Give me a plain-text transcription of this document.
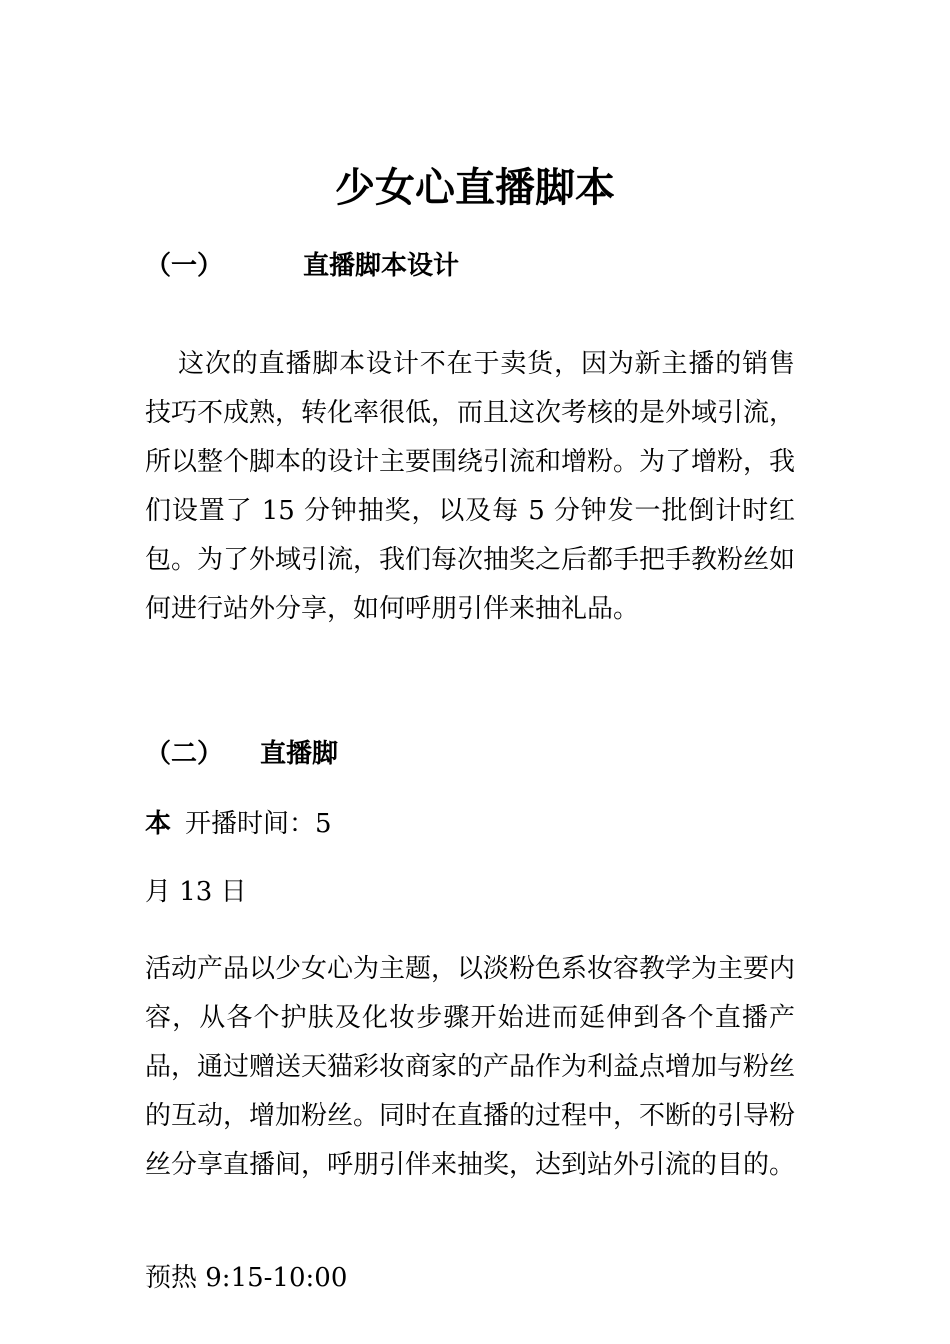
少女心直播脚本
（一）	直播脚本设计

这次的直播脚本设计不在于卖货，因为新主播的销售技巧不成熟，转化率很低，而且这次考核的是外域引流，所以整个脚本的设计主要围绕引流和增粉。为了增粉，我们设置了 15 分钟抽奖，以及每 5 分钟发一批倒计时红包。为了外域引流，我们每次抽奖之后都手把手教粉丝如何进行站外分享，如何呼朋引伴来抽礼品。

（二） 直播脚

本 开播时间：5

月 13 日

活动产品以少女心为主题，以淡粉色系妆容教学为主要内容，从各个护肤及化妆步骤开始进而延伸到各个直播产品，通过赠送天猫彩妆商家的产品作为利益点增加与粉丝的互动，增加粉丝。同时在直播的过程中，不断的引导粉丝分享直播间，呼朋引伴来抽奖，达到站外引流的目的。

预热 9:15-10:00
